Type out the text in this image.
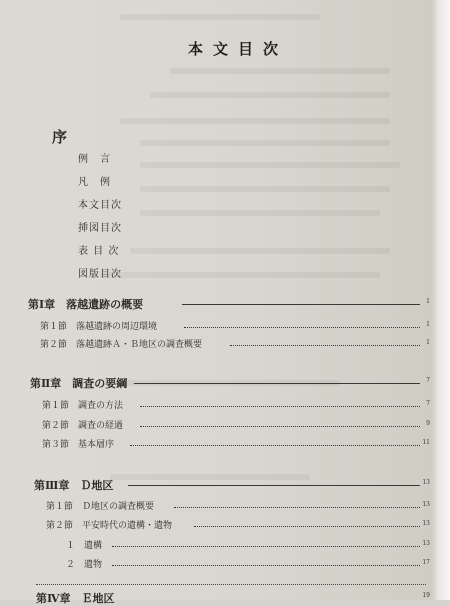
本文目次
序
例　言
凡　例
本文目次
挿図目次
表 目 次
図版目次
第Ⅰ章　落越遺跡の概要	1
第１節　落越遺跡の周辺環境	1
第２節　落越遺跡Ａ・Ｂ地区の調査概要	1
第Ⅱ章　調査の要綱	7
第１節　調査の方法	7
第２節　調査の経過	9
第３節　基本層序	11
第Ⅲ章　Ｄ地区	13
第１節　Ｄ地区の調査概要	13
第２節　平安時代の遺構・遺物	13
１　遺構	13
２　遺物	17
第Ⅳ章　Ｅ地区	19
